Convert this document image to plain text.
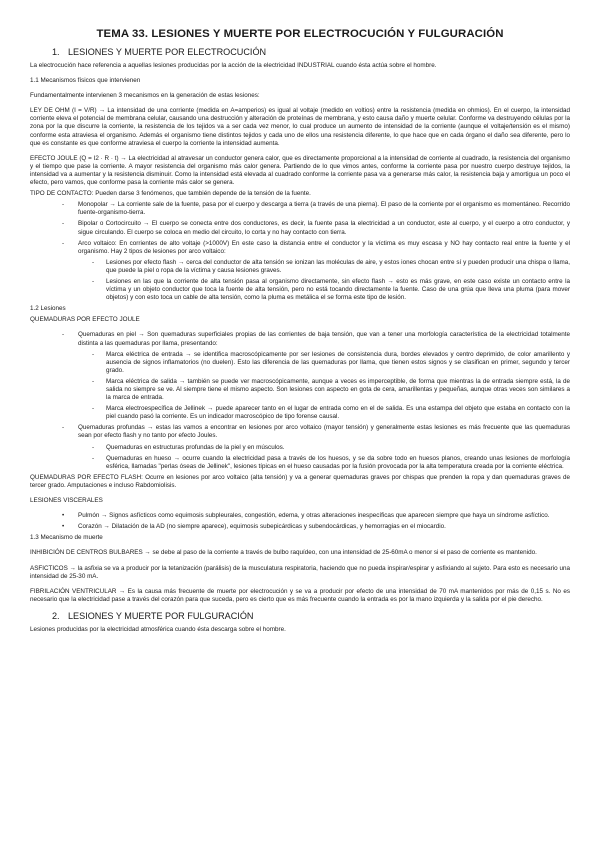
TEMA 33. LESIONES Y MUERTE POR ELECTROCUCIÓN Y FULGURACIÓN
1. LESIONES Y MUERTE POR ELECTROCUCIÓN

La electrocución hace referencia a aquellas lesiones producidas por la acción de la electricidad INDUSTRIAL cuando ésta actúa sobre el hombre.

1.1 Mecanismos físicos que intervienen

Fundamentalmente intervienen 3 mecanismos en la generación de estas lesiones:

LEY DE OHM (I = V/R) → La intensidad de una corriente (medida en A=amperios) es igual al voltaje (medido en voltios) entre la resistencia (medida en ohmios). En el cuerpo, la intensidad corriente eleva el potencial de membrana celular, causando una destrucción y alteración de proteínas de membrana, y esto causa daño y muerte celular. Conforme va destruyendo células por la zona por la que discurre la corriente, la resistencia de los tejidos va a ser cada vez menor, lo cual produce un aumento de intensidad de la corriente (aunque el voltaje/tensión es el mismo) conforme esta atraviesa el organismo. Además el organismo tiene distintos tejidos y cada uno de ellos una resistencia diferente, lo que hace que en cada órgano el daño sea diferente, pero lo que es constante es que conforme atraviesa el cuerpo la corriente la intensidad aumenta.

EFECTO JOULE (Q = I2 · R · t) → La electricidad al atravesar un conductor genera calor, que es directamente proporcional a la intensidad de corriente al cuadrado, la resistencia del organismo y el tiempo que pase la corriente. A mayor resistencia del organismo más calor genera. Partiendo de lo que vimos antes, conforme la corriente pasa por nuestro cuerpo destruye tejidos, la intensidad va a aumentar y la resistencia disminuir. Como la intensidad está elevada al cuadrado conforme la corriente pasa va a generarse más calor, la resistencia baja y amortigua un poco el efecto, pero vamos, que conforme pasa la corriente más calor se genera.

TIPO DE CONTACTO: Pueden darse 3 fenómenos, que también depende de la tensión de la fuente.

- Monopolar → La corriente sale de la fuente, pasa por el cuerpo y descarga a tierra (a través de una pierna). El paso de la corriente por el organismo es momentáneo. Recorrido fuente-organismo-tierra.
- Bipolar o Cortocircuito → El cuerpo se conecta entre dos conductores, es decir, la fuente pasa la electricidad a un conductor, este al cuerpo, y el cuerpo a otro conductor, y sigue circulando. El cuerpo se coloca en medio del circuito, lo corta y no hay contacto con tierra.
- Arco voltaico: En corrientes de alto voltaje (>1000V) En este caso la distancia entre el conductor y la víctima es muy escasa y NO hay contacto real entre la fuente y el organismo. Hay 2 tipos de lesiones por arco voltaico:
- Lesiones por efecto flash → cerca del conductor de alta tensión se ionizan las moléculas de aire, y estos iones chocan entre sí y pueden producir una chispa o llama, que puede la piel o ropa de la víctima y causa lesiones graves.
- Lesiones en las que la corriente de alta tensión pasa al organismo directamente, sin efecto flash → esto es más grave, en este caso existe un contacto entre la víctima y un objeto conductor que toca la fuente de alta tensión, pero no está tocando directamente la fuente. Caso de una grúa que lleva una pluma (para mover objetos) y con esto toca un cable de alta tensión, como la pluma es metálica el se forma este tipo de lesión.
1.2 Lesiones
QUEMADURAS POR EFECTO JOULE
- Quemaduras en piel → Son quemaduras superficiales propias de las corrientes de baja tensión, que van a tener una morfología característica de la electricidad totalmente distinta a las quemaduras por llama, presentando:
- Marca eléctrica de entrada → se identifica macroscópicamente por ser lesiones de consistencia dura, bordes elevados y centro deprimido, de color amarillento y ausencia de signos inflamatorios (no duelen). Esto las diferencia de las quemaduras por llama, que tienen estos signos y se clasifican en primer, segundo y tercer grado.
- Marca eléctrica de salida → también se puede ver macroscópicamente, aunque a veces es imperceptible, de forma que mientras la de entrada siempre está, la de salida no siempre se ve. Al siempre tiene el mismo aspecto. Son lesiones con aspecto en gota de cera, amarillentas y pequeñas, aunque otras veces son similares a la marca de entrada.
- Marca electroespecífica de Jellinek → puede aparecer tanto en el lugar de entrada como en el de salida. Es una estampa del objeto que estaba en contacto con la piel cuando pasó la corriente. Es un indicador macroscópico de tipo forense causal.
- Quemaduras profundas → estas las vamos a encontrar en lesiones por arco voltaico (mayor tensión) y generalmente estas lesiones es más frecuente que las quemaduras sean por efecto flash y no tanto por efecto Joules.
- Quemaduras en estructuras profundas de la piel y en músculos.
- Quemaduras en hueso → ocurre cuando la electricidad pasa a través de los huesos, y se da sobre todo en huesos planos, creando unas lesiones de morfología esférica, llamadas "perlas óseas de Jellinek", lesiones típicas en el hueso causadas por la fusión provocada por la alta temperatura creada por la corriente eléctrica.

QUEMADURAS POR EFECTO FLASH: Ocurre en lesiones por arco voltaico (alta tensión) y va a generar quemaduras graves por chispas que prenden la ropa y dan quemaduras graves de tercer grado. Amputaciones e incluso Rabdomiolisis.

LESIONES VISCERALES
• Pulmón → Signos asfícticos como equimosis subpleurales, congestión, edema, y otras alteraciones inespecíficas que aparecen siempre que haya un síndrome asfíctico.
• Corazón → Dilatación de la AD (no siempre aparece), equimosis subepicárdicas y subendocárdicas, y hemorragias en el miocardio.
1.3 Mecanismo de muerte

INHIBICIÓN DE CENTROS BULBARES → se debe al paso de la corriente a través de bulbo raquídeo, con una intensidad de 25-60mA o menor si el paso de corriente es mantenido.

ASFICTICOS → la asfixia se va a producir por la tetanización (parálisis) de la musculatura respiratoria, haciendo que no pueda inspirar/espirar y asfixiando al sujeto. Para esto es necesario una intensidad de 25-30 mA.

FIBRILACIÓN VENTRICULAR → Es la causa más frecuente de muerte por electrocución y se va a producir por efecto de una intensidad de 70 mA mantenidos por más de 0,15 s. No es necesario que la electricidad pase a través del corazón para que suceda, pero es cierto que es más frecuente cuando la entrada es por la mano izquierda y la salida por el pie derecho.

2. LESIONES Y MUERTE POR FULGURACIÓN

Lesiones producidas por la electricidad atmosférica cuando ésta descarga sobre el hombre.
